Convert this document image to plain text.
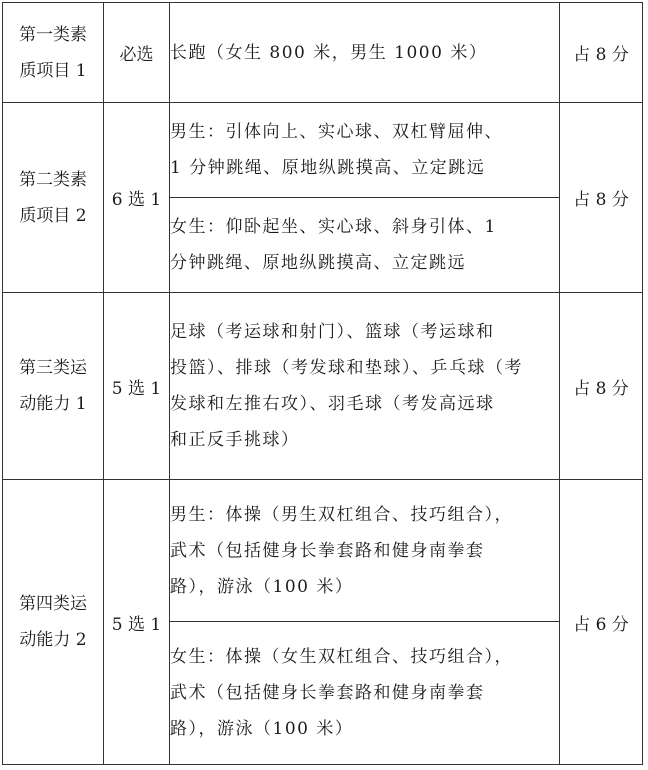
第一类素
质项目 1	必选	长跑（女生 800 米，男生 1000 米）	占 8 分

第二类素
质项目 2	6 选 1	男生：引体向上、实心球、双杠臂屈伸、
1 分钟跳绳、原地纵跳摸高、立定跳远	占 8 分

		女生：仰卧起坐、实心球、斜身引体、1
分钟跳绳、原地纵跳摸高、立定跳远	

第三类运
动能力 1	5 选 1	足球（考运球和射门）、篮球（考运球和
投篮）、排球（考发球和垫球）、乒乓球（考
发球和左推右攻）、羽毛球（考发高远球
和正反手挑球）	占 8 分

第四类运
动能力 2	5 选 1	男生：体操（男生双杠组合、技巧组合），
武术（包括健身长拳套路和健身南拳套
路），游泳（100 米）	占 6 分

		女生：体操（女生双杠组合、技巧组合），
武术（包括健身长拳套路和健身南拳套
路），游泳（100 米）	
